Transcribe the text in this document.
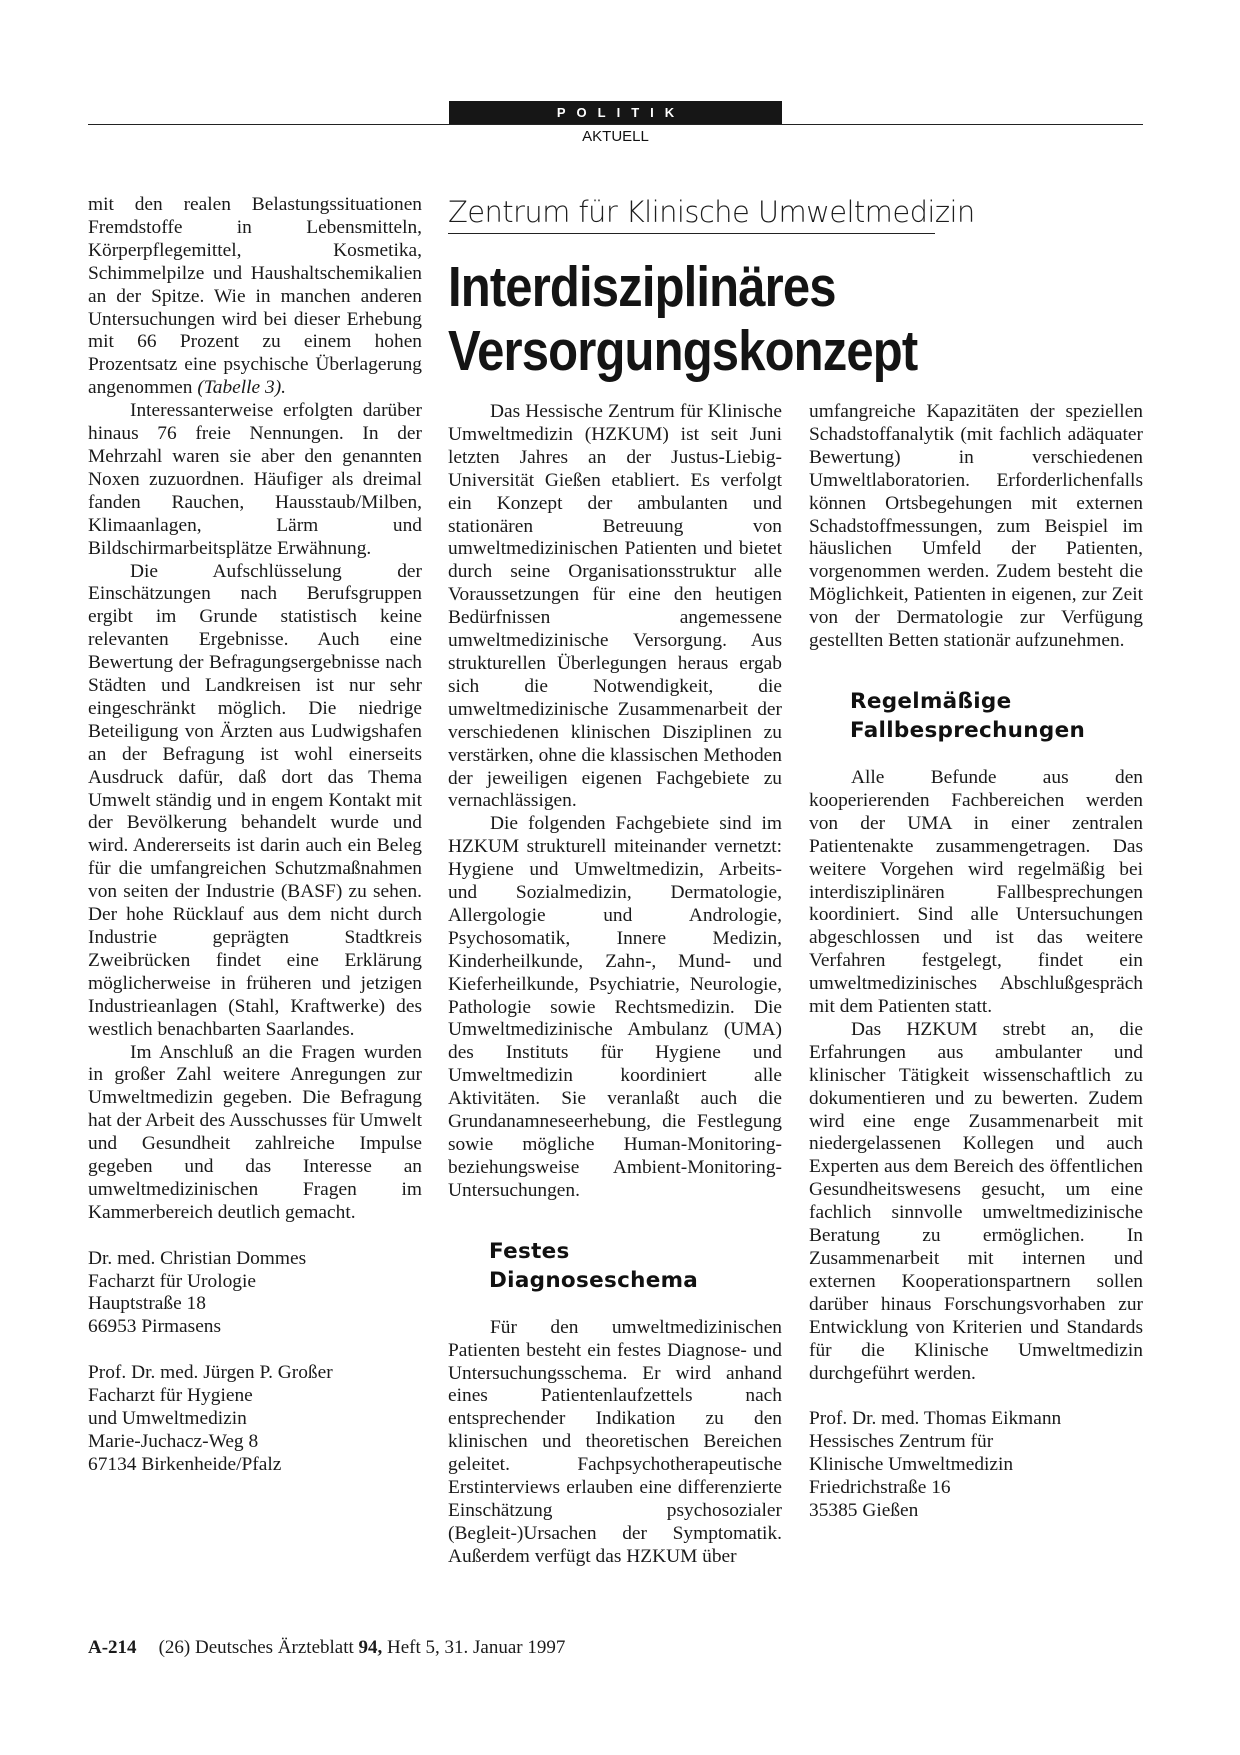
POLITIK
AKTUELL

mit den realen Belastungssituationen Fremdstoffe in Lebensmitteln, Körperpflegemittel, Kosmetika, Schimmelpilze und Haushaltschemikalien an der Spitze. Wie in manchen anderen Untersuchungen wird bei dieser Erhebung mit 66 Prozent zu einem hohen Prozentsatz eine psychische Überlagerung angenommen (Tabelle 3).

Interessanterweise erfolgten darüber hinaus 76 freie Nennungen. In der Mehrzahl waren sie aber den genannten Noxen zuzuordnen. Häufiger als dreimal fanden Rauchen, Hausstaub/Milben, Klimaanlagen, Lärm und Bildschirmarbeitsplätze Erwähnung.

Die Aufschlüsselung der Einschätzungen nach Berufsgruppen ergibt im Grunde statistisch keine relevanten Ergebnisse. Auch eine Bewertung der Befragungsergebnisse nach Städten und Landkreisen ist nur sehr eingeschränkt möglich. Die niedrige Beteiligung von Ärzten aus Ludwigshafen an der Befragung ist wohl einerseits Ausdruck dafür, daß dort das Thema Umwelt ständig und in engem Kontakt mit der Bevölkerung behandelt wurde und wird. Andererseits ist darin auch ein Beleg für die umfangreichen Schutzmaßnahmen von seiten der Industrie (BASF) zu sehen. Der hohe Rücklauf aus dem nicht durch Industrie geprägten Stadtkreis Zweibrücken findet eine Erklärung möglicherweise in früheren und jetzigen Industrieanlagen (Stahl, Kraftwerke) des westlich benachbarten Saarlandes.

Im Anschluß an die Fragen wurden in großer Zahl weitere Anregungen zur Umweltmedizin gegeben. Die Befragung hat der Arbeit des Ausschusses für Umwelt und Gesundheit zahlreiche Impulse gegeben und das Interesse an umweltmedizinischen Fragen im Kammerbereich deutlich gemacht.

Dr. med. Christian Dommes
Facharzt für Urologie
Hauptstraße 18
66953 Pirmasens

Prof. Dr. med. Jürgen P. Großer
Facharzt für Hygiene
und Umweltmedizin
Marie-Juchacz-Weg 8
67134 Birkenheide/Pfalz

Zentrum für Klinische Umweltmedizin
Interdisziplinäres
Versorgungskonzept

Das Hessische Zentrum für Klinische Umweltmedizin (HZKUM) ist seit Juni letzten Jahres an der Justus-Liebig-Universität Gießen etabliert. Es verfolgt ein Konzept der ambulanten und stationären Betreuung von umweltmedizinischen Patienten und bietet durch seine Organisationsstruktur alle Voraussetzungen für eine den heutigen Bedürfnissen angemessene umweltmedizinische Versorgung. Aus strukturellen Überlegungen heraus ergab sich die Notwendigkeit, die umweltmedizinische Zusammenarbeit der verschiedenen klinischen Disziplinen zu verstärken, ohne die klassischen Methoden der jeweiligen eigenen Fachgebiete zu vernachlässigen.

Die folgenden Fachgebiete sind im HZKUM strukturell miteinander vernetzt: Hygiene und Umweltmedizin, Arbeits- und Sozialmedizin, Dermatologie, Allergologie und Andrologie, Psychosomatik, Innere Medizin, Kinderheilkunde, Zahn-, Mund- und Kieferheilkunde, Psychiatrie, Neurologie, Pathologie sowie Rechtsmedizin. Die Umweltmedizinische Ambulanz (UMA) des Instituts für Hygiene und Umweltmedizin koordiniert alle Aktivitäten. Sie veranlaßt auch die Grundanamneseerhebung, die Festlegung sowie mögliche Human-Monitoring- beziehungsweise Ambient-Monitoring-Untersuchungen.

Festes
Diagnoseschema

Für den umweltmedizinischen Patienten besteht ein festes Diagnose- und Untersuchungsschema. Er wird anhand eines Patientenlaufzettels nach entsprechender Indikation zu den klinischen und theoretischen Bereichen geleitet. Fachpsychotherapeutische Erstinterviews erlauben eine differenzierte Einschätzung psychosozialer (Begleit-)Ursachen der Symptomatik. Außerdem verfügt das HZKUM über

umfangreiche Kapazitäten der speziellen Schadstoffanalytik (mit fachlich adäquater Bewertung) in verschiedenen Umweltlaboratorien. Erforderlichenfalls können Ortsbegehungen mit externen Schadstoffmessungen, zum Beispiel im häuslichen Umfeld der Patienten, vorgenommen werden. Zudem besteht die Möglichkeit, Patienten in eigenen, zur Zeit von der Dermatologie zur Verfügung gestellten Betten stationär aufzunehmen.

Regelmäßige
Fallbesprechungen

Alle Befunde aus den kooperierenden Fachbereichen werden von der UMA in einer zentralen Patientenakte zusammengetragen. Das weitere Vorgehen wird regelmäßig bei interdisziplinären Fallbesprechungen koordiniert. Sind alle Untersuchungen abgeschlossen und ist das weitere Verfahren festgelegt, findet ein umweltmedizinisches Abschlußgespräch mit dem Patienten statt.

Das HZKUM strebt an, die Erfahrungen aus ambulanter und klinischer Tätigkeit wissenschaftlich zu dokumentieren und zu bewerten. Zudem wird eine enge Zusammenarbeit mit niedergelassenen Kollegen und auch Experten aus dem Bereich des öffentlichen Gesundheitswesens gesucht, um eine fachlich sinnvolle umweltmedizinische Beratung zu ermöglichen. In Zusammenarbeit mit internen und externen Kooperationspartnern sollen darüber hinaus Forschungsvorhaben zur Entwicklung von Kriterien und Standards für die Klinische Umweltmedizin durchgeführt werden.

Prof. Dr. med. Thomas Eikmann
Hessisches Zentrum für
Klinische Umweltmedizin
Friedrichstraße 16
35385 Gießen

A-214 (26) Deutsches Ärzteblatt 94, Heft 5, 31. Januar 1997
